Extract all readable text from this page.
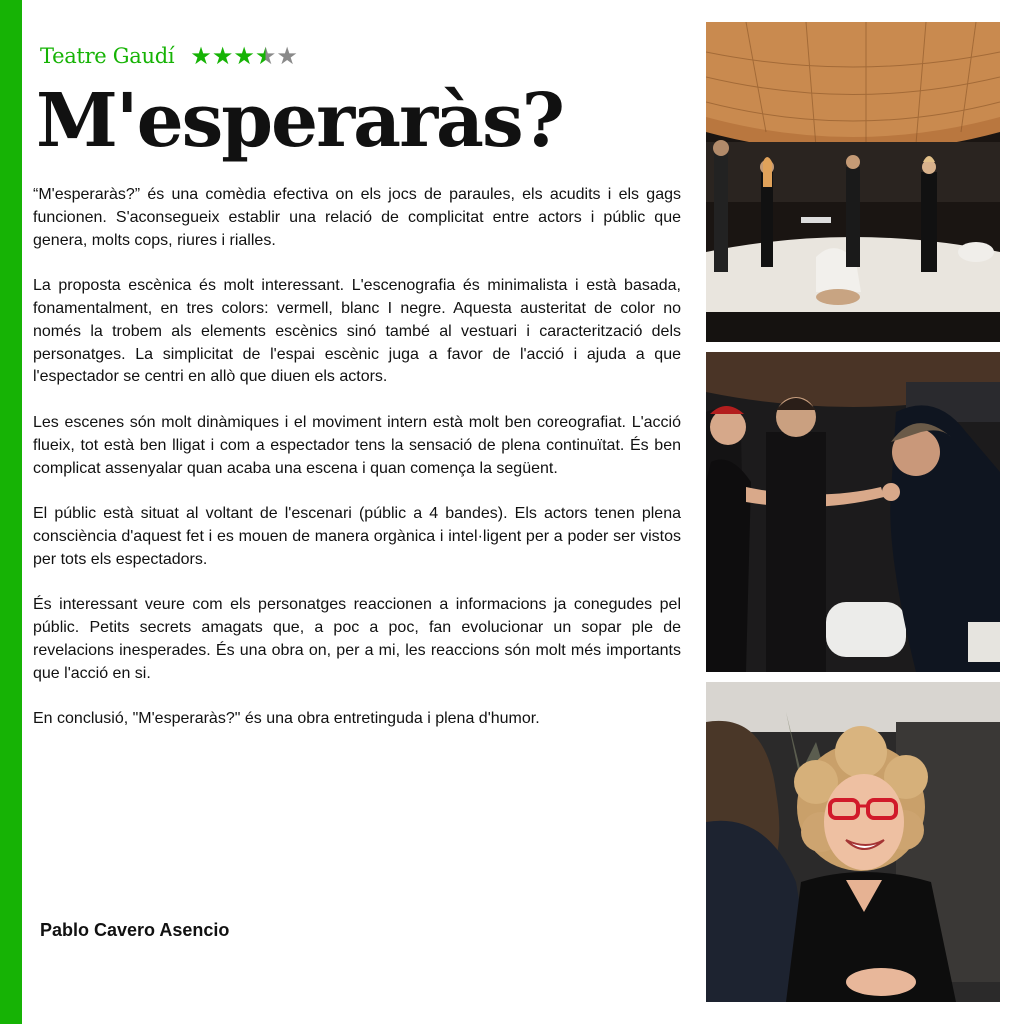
Teatre Gaudí ★ ★ ★ ★ ★
M'esperaràs?

“M'esperaràs?” és una comèdia efectiva on els jocs de paraules, els acudits i els gags funcionen. S'aconsegueix establir una relació de complicitat entre actors i públic que genera, molts cops, riures i rialles.

La proposta escènica és molt interessant. L'escenografia és minimalista i està basada, fonamentalment, en tres colors: vermell, blanc I negre. Aquesta austeritat de color no només la trobem als elements escènics sinó també al vestuari i caracterització dels personatges. La simplicitat de l'espai escènic juga a favor de l'acció i ajuda a que l'espectador se centri en allò que diuen els actors.

Les escenes són molt dinàmiques i el moviment intern està molt ben coreografiat. L'acció flueix, tot està ben lligat i com a espectador tens la sensació de plena continuïtat. És ben complicat assenyalar quan acaba una escena i quan comença la següent.

El públic està situat al voltant de l'escenari (públic a 4 bandes). Els actors tenen plena consciència d'aquest fet i es mouen de manera orgànica i intel·ligent per a poder ser vistos per tots els espectadors.

És interessant veure com els personatges reaccionen a informacions ja conegudes pel públic. Petits secrets amagats que, a poc a poc, fan evolucionar un sopar ple de revelacions inesperades. És una obra on, per a mi, les reaccions són molt més importants que l'acció en si.

En conclusió, "M'esperaràs?" és una obra entretinguda i plena d'humor.

Pablo Cavero Asencio
